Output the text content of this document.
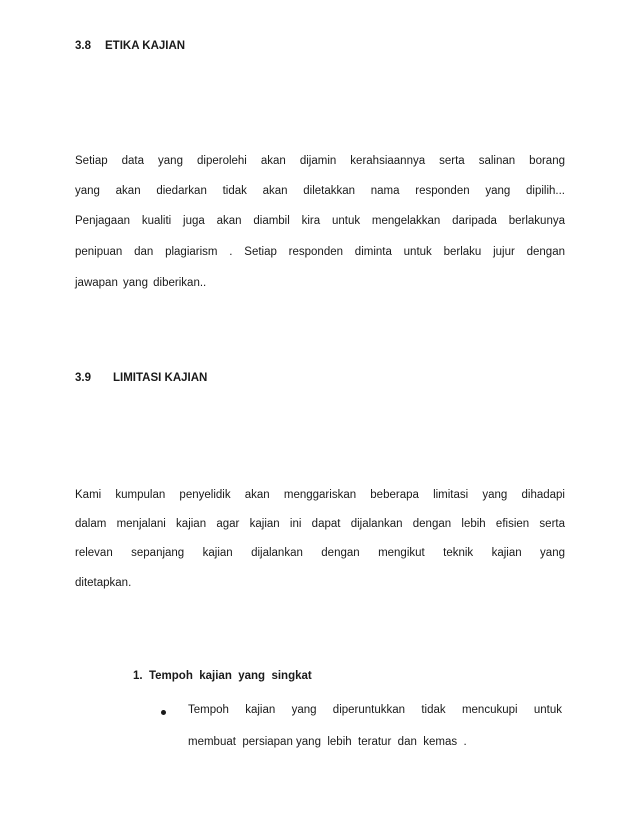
3.8 ETIKA KAJIAN
Setiap data yang diperolehi akan dijamin kerahsiaannya serta salinan borang
yang akan diedarkan tidak akan diletakkan nama responden yang dipilih...
Penjagaan kualiti juga akan diambil kira untuk mengelakkan daripada berlakunya
penipuan dan plagiarism . Setiap responden diminta untuk berlaku jujur dengan
jawapan yang diberikan..
3.9 LIMITASI KAJIAN
Kami kumpulan penyelidik akan menggariskan beberapa limitasi yang dihadapi
dalam menjalani kajian agar kajian ini dapat dijalankan dengan lebih efisien serta
relevan sepanjang kajian dijalankan dengan mengikut teknik kajian yang
ditetapkan.
1.  Tempoh  kajian  yang  singkat
Tempoh kajian yang diperuntukkan tidak mencukupi untuk
membuat  persiapan yang  lebih  teratur  dan  kemas  .
